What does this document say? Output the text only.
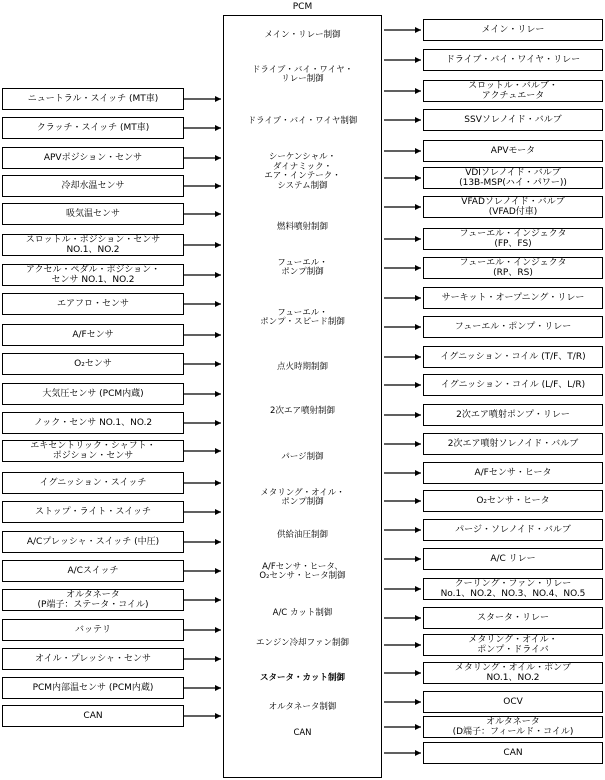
PCM
ニュートラル・スイッチ (MT車)
クラッチ・スイッチ (MT車)
APVポジション・センサ
冷却水温センサ
吸気温センサ
スロットル・ポジション・センサ
NO.1、NO.2
アクセル・ペダル・ポジション・
センサ NO.1、NO.2
エアフロ・センサ
A/Fセンサ
O₂センサ
大気圧センサ (PCM内蔵)
ノック・センサ NO.1、NO.2
エキセントリック・シャフト・
ポジション・センサ
イグニッション・スイッチ
ストップ・ライト・スイッチ
A/Cプレッシャ・スイッチ (中圧)
A/Cスイッチ
オルタネータ
(P端子：ステータ・コイル)
バッテリ
オイル・プレッシャ・センサ
PCM内部温センサ (PCM内蔵)
CAN
メイン・リレー制御
ドライブ・バイ・ワイヤ・
リレー制御
ドライブ・バイ・ワイヤ制御
シーケンシャル・
ダイナミック・
エア・インテーク・
システム制御
燃料噴射制御
フューエル・
ポンプ制御
フューエル・
ポンプ・スピード制御
点火時期制御
2次エア噴射制御
パージ制御
メタリング・オイル・
ポンプ制御
供給油圧制御
A/Fセンサ・ヒータ、
O₂センサ・ヒータ制御
A/C カット制御
エンジン冷却ファン制御
スタータ・カット制御
オルタネータ制御
CAN
メイン・リレー
ドライブ・バイ・ワイヤ・リレー
スロットル・バルブ・
アクチュエータ
SSVソレノイド・バルブ
APVモータ
VDIソレノイド・バルブ
(13B-MSP(ハイ・パワー))
VFADソレノイド・バルブ
(VFAD付車)
フューエル・インジェクタ
(FP、FS)
フューエル・インジェクタ
(RP、RS)
サーキット・オープニング・リレー
フューエル・ポンプ・リレー
イグニッション・コイル (T/F、T/R)
イグニッション・コイル (L/F、L/R)
2次エア噴射ポンプ・リレー
2次エア噴射ソレノイド・バルブ
A/Fセンサ・ヒータ
O₂センサ・ヒータ
パージ・ソレノイド・バルブ
A/C リレー
クーリング・ファン・リレー
No.1、NO.2、NO.3、NO.4、NO.5
スタータ・リレー
メタリング・オイル・
ポンプ・ドライバ
メタリング・オイル・ポンプ
NO.1、NO.2
OCV
オルタネータ
(D端子：フィールド・コイル)
CAN
